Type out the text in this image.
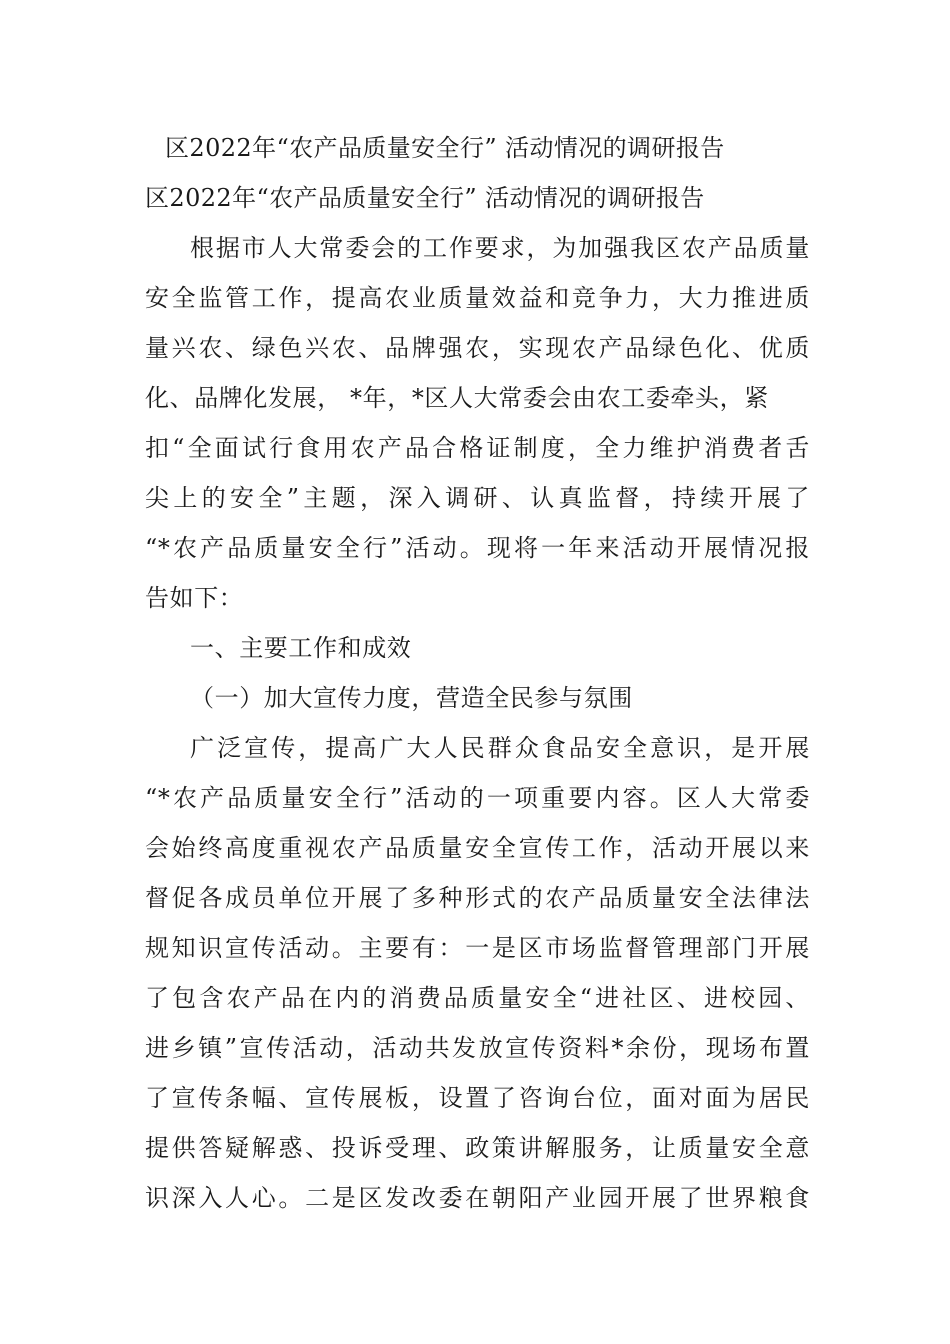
区2022年“农产品质量安全行” 活动情况的调研报告
区2022年“农产品质量安全行” 活动情况的调研报告
根据市人大常委会的工作要求，为加强我区农产品质量
安全监管工作，提高农业质量效益和竞争力，大力推进质
量兴农、绿色兴农、品牌强农，实现农产品绿色化、优质
化、品牌化发展， *年，*区人大常委会由农工委牵头，紧
扣“全面试行食用农产品合格证制度，全力维护消费者舌
尖上的安全”主题，深入调研、认真监督，持续开展了
“*农产品质量安全行”活动。现将一年来活动开展情况报
告如下：
一、主要工作和成效
（一）加大宣传力度，营造全民参与氛围
广泛宣传，提高广大人民群众食品安全意识，是开展
“*农产品质量安全行”活动的一项重要内容。区人大常委
会始终高度重视农产品质量安全宣传工作，活动开展以来
督促各成员单位开展了多种形式的农产品质量安全法律法
规知识宣传活动。主要有：一是区市场监督管理部门开展
了包含农产品在内的消费品质量安全“进社区、进校园、
进乡镇”宣传活动，活动共发放宣传资料*余份，现场布置
了宣传条幅、宣传展板，设置了咨询台位，面对面为居民
提供答疑解惑、投诉受理、政策讲解服务，让质量安全意
识深入人心。二是区发改委在朝阳产业园开展了世界粮食
